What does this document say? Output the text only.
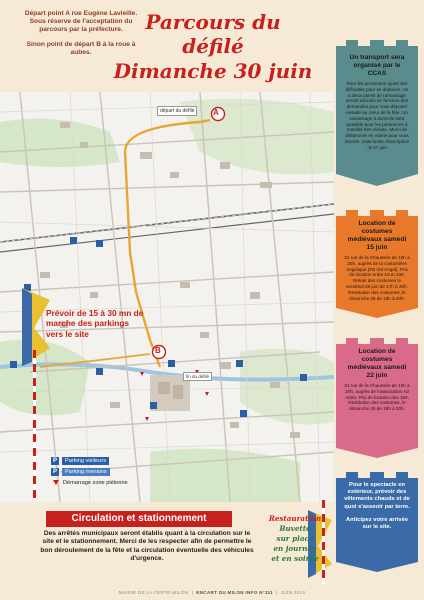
Départ point A rue Eugène Lavieille. Sous réserve de l'acceptation du parcours par la préfecture.
Sinon point de départ B à la roue à aubes.
Parcours du défilé
Dimanche 30 juin
départ du défilé
fin du défilé
A
B
Prévoir de 15 à 30 mn de marche des parkings vers le site
P	Parking visiteurs
P	Parking riverains
Démarrage zone piétonne
Un transport sera organisé par le CCAS
Pour les personnes ayant des difficultés pour se déplacer. Un à deux points de ramassage seront décidés en fonction des demandes pour vous déposer ensuite au cœur de la fête. Un ramassage à domicile sera possible pour les personnes à mobilité très réduite. Merci de téléphoner en mairie pour vous inscrire. Date limite d'inscription : le 27 juin.
Location de costumes médiévaux samedi 15 juin
31 rue de la Chaussée de 15h à 20h, auprès de la costumière Angélique (FB red Angel). Prix de location entre 10 et 20€. Retrait des costumes le vendredi 28 juin de 17h à 20h. Restitution des costumes, le dimanche 30 de 18h à 20h.
Location de costumes médiévaux samedi 22 juin
31 rue de la Chaussée de 15h à 20h, auprès de l'association Ad Astra. Prix de location des 15€. Restitution des costumes, le dimanche 30 de 18h à 20h.
Pour le spectacle en extérieur, prévoir des vêtements chauds et de quoi s'asseoir par terre.
Anticipez votre arrivée sur le site.
Circulation et stationnement
Des arrêtés municipaux seront établis quant à la circulation sur le site et le stationnement. Merci de les respecter afin de permettre le bon déroulement de la fête et la circulation éventuelle des véhicules d'urgence.
Restauration
Buvette
sur place
en journée
et en soirée
MAIRIE DE LA FERTÉ-MILON  |  ENCART DU MILON INFO N°111  |  JUIN 2019
